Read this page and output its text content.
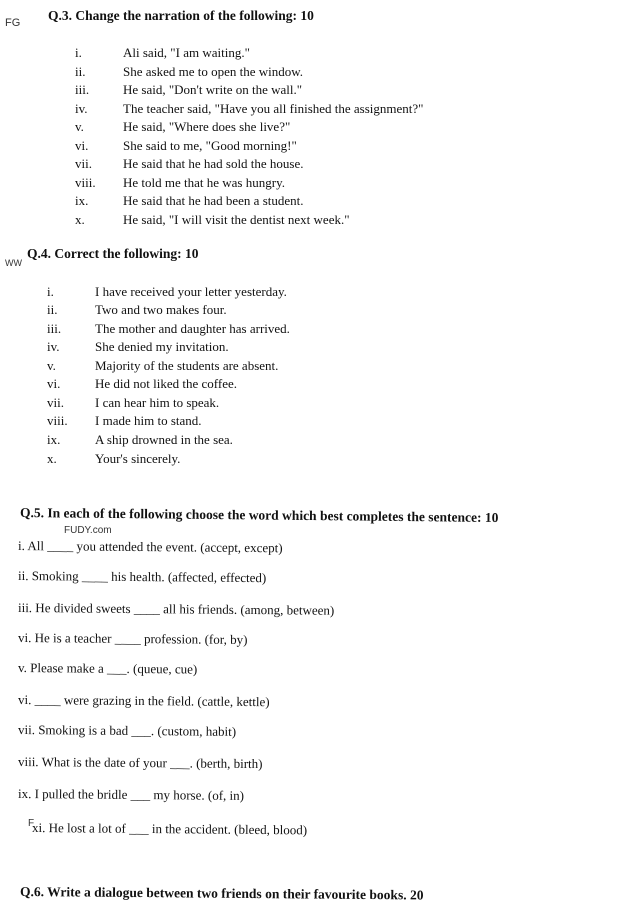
FG Q.3. Change the narration of the following: 10
i.	Ali said, "I am waiting."
ii.	She asked me to open the window.
iii.	He said, "Don't write on the wall."
iv.	The teacher said, "Have you all finished the assignment?"
v.	He said, "Where does she live?"
vi.	She said to me, "Good morning!"
vii. He said that he had sold the house.
viii. He told me that he was hungry.
ix.	He said that he had been a student.
x.	He said, "I will visit the dentist next week."
WW
Q.4. Correct the following: 10
i.	I have received your letter yesterday.
ii.	Two and two makes four.
iii.	The mother and daughter has arrived.
iv.	She denied my invitation.
v.	Majority of the students are absent.
vi.	He did not liked the coffee.
vii. I can hear him to speak.
viii. I made him to stand.
ix.	A ship drowned in the sea.
x.	Your's sincerely.
Q.5. In each of the following choose the word which best completes the sentence: 10
FUDY.com
i. All ____ you attended the event. (accept, except)
ii. Smoking ____ his health. (affected, effected)
iii. He divided sweets ____ all his friends. (among, between)
vi. He is a teacher ____ profession. (for, by)
v. Please make a ___. (queue, cue)
vi. ____ were grazing in the field. (cattle, kettle)
vii. Smoking is a bad ___. (custom, habit)
viii. What is the date of your ___. (berth, birth)
ix. I pulled the bridle ___ my horse. (of, in)
xi. He lost a lot of ___ in the accident. (bleed, blood)
F
Q.6. Write a dialogue between two friends on their favourite books. 20
